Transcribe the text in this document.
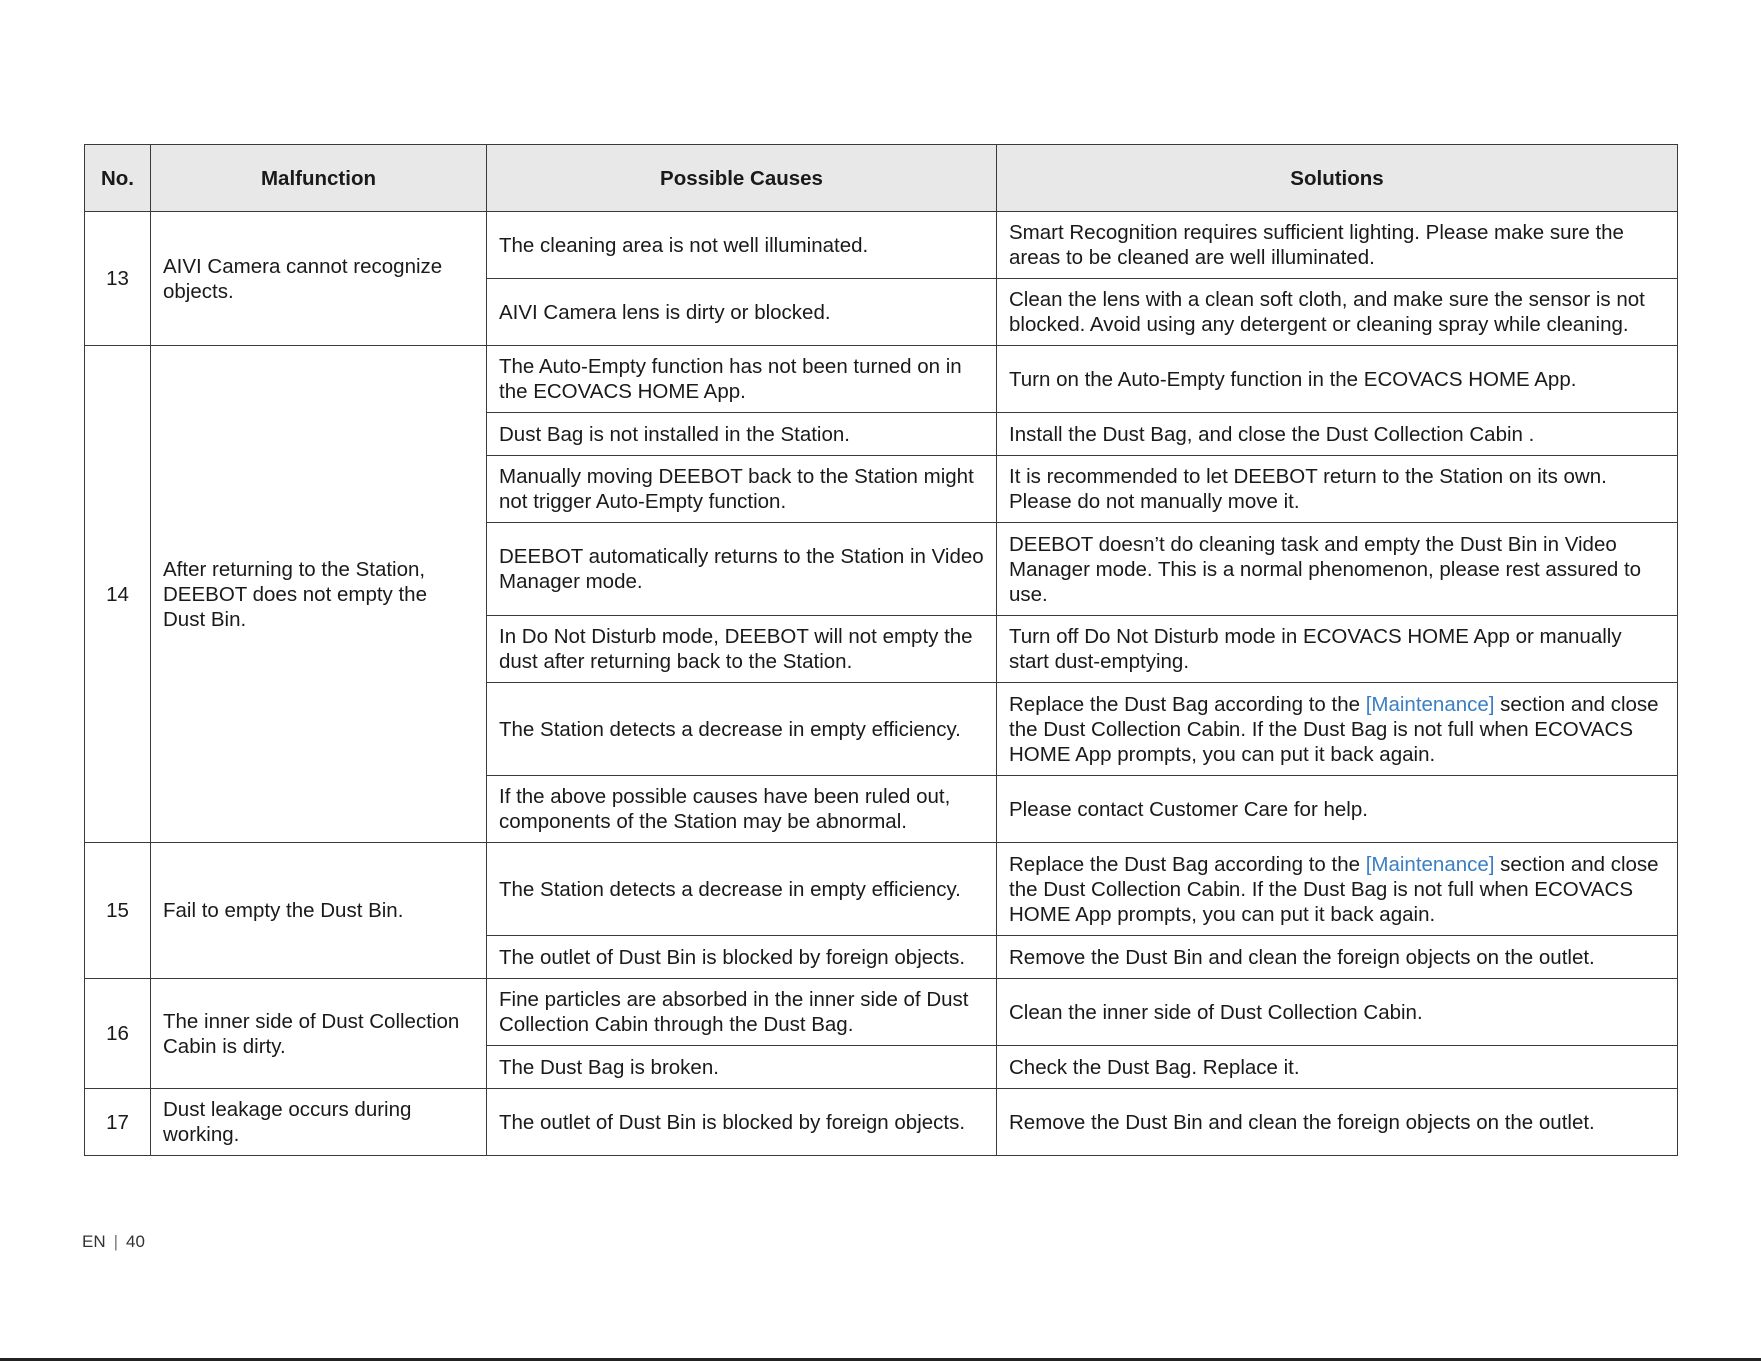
No.	Malfunction	Possible Causes	Solutions
13	AIVI Camera cannot recognize objects.	The cleaning area is not well illuminated.	Smart Recognition requires sufficient lighting. Please make sure the areas to be cleaned are well illuminated.
		AIVI Camera lens is dirty or blocked.	Clean the lens with a clean soft cloth, and make sure the sensor is not blocked. Avoid using any detergent or cleaning spray while cleaning.
14	After returning to the Station, DEEBOT does not empty the Dust Bin.	The Auto-Empty function has not been turned on in the ECOVACS HOME App.	Turn on the Auto-Empty function in the ECOVACS HOME App.
		Dust Bag is not installed in the Station.	Install the Dust Bag, and close the Dust Collection Cabin .
		Manually moving DEEBOT back to the Station might not trigger Auto-Empty function.	It is recommended to let DEEBOT return to the Station on its own. Please do not manually move it.
		DEEBOT automatically returns to the Station in Video Manager mode.	DEEBOT doesn’t do cleaning task and empty the Dust Bin in Video Manager mode. This is a normal phenomenon, please rest assured to use.
		In Do Not Disturb mode, DEEBOT will not empty the dust after returning back to the Station.	Turn off Do Not Disturb mode in ECOVACS HOME App or manually start dust-emptying.
		The Station detects a decrease in empty efficiency.	Replace the Dust Bag according to the [Maintenance] section and close the Dust Collection Cabin. If the Dust Bag is not full when ECOVACS HOME App prompts, you can put it back again.
		If the above possible causes have been ruled out, components of the Station may be abnormal.	Please contact Customer Care for help.
15	Fail to empty the Dust Bin.	The Station detects a decrease in empty efficiency.	Replace the Dust Bag according to the [Maintenance] section and close the Dust Collection Cabin. If the Dust Bag is not full when ECOVACS HOME App prompts, you can put it back again.
		The outlet of Dust Bin is blocked by foreign objects.	Remove the Dust Bin and clean the foreign objects on the outlet.
16	The inner side of Dust Collection Cabin is dirty.	Fine particles are absorbed in the inner side of Dust Collection Cabin through the Dust Bag.	Clean the inner side of Dust Collection Cabin.
		The Dust Bag is broken.	Check the Dust Bag. Replace it.
17	Dust leakage occurs during working.	The outlet of Dust Bin is blocked by foreign objects.	Remove the Dust Bin and clean the foreign objects on the outlet.
EN | 40
